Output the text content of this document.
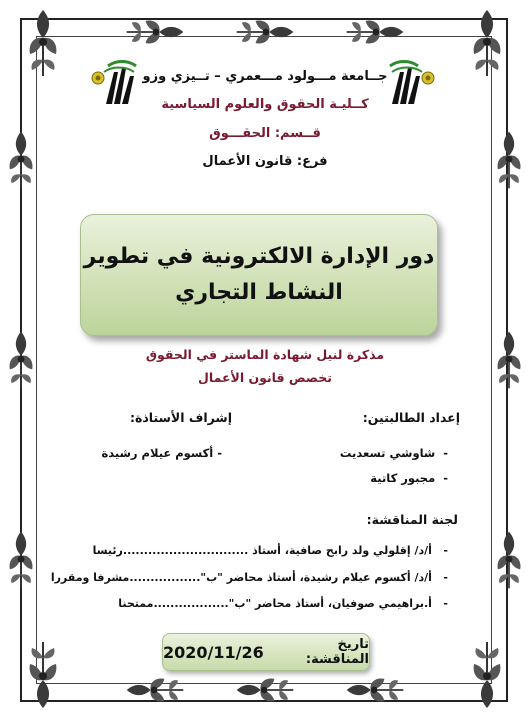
جــامعة مـــولود مـــعمري – تــيزي وزو
كــليـة الحقوق والعلوم السياسية
قــسم: الحقـــوق
فرع: قانون الأعمال
دور الإدارة الالكترونية في تطوير
النشاط التجاري
مذكرة لنيل شهادة الماستر في الحقوق
تخصص قانون الأعمال
إعداد الطالبتين:
إشراف الأستاذة:
-  شاوشي تسعديت
-  مجبور كاتية
- أكسوم عيلام رشيدة
لجنة المناقشة:
-   أ/د/ إقلولي ولد رابح صافية، أستاذ ..............................رئيسا
-   أ/د/ أكسوم عيلام رشيدة، أستاذ محاضر "ب".................مشرفا ومقررا
-   أ.براهيمي صوفيان، أستاذ محاضر "ب"..................ممتحنا
تاريخ المناقشة:
2020/11/26
